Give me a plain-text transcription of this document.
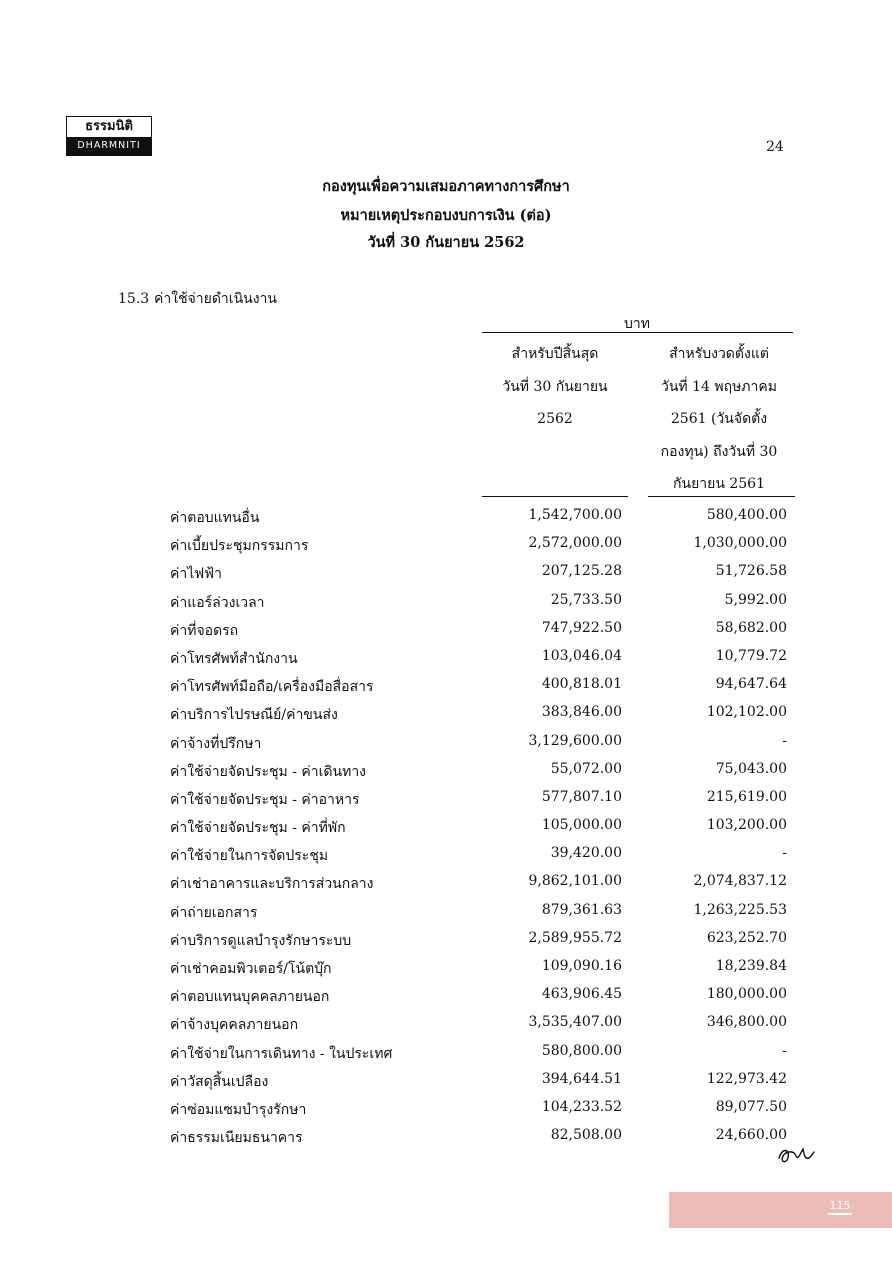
ธรรมนิติ
DHARMNITI	24
กองทุนเพื่อความเสมอภาคทางการศึกษา
หมายเหตุประกอบงบการเงิน (ต่อ)
วันที่ 30 กันยายน 2562
15.3 ค่าใช้จ่ายดำเนินงาน
บาท
สำหรับปีสิ้นสุด
วันที่ 30 กันยายน
2562
สำหรับงวดตั้งแต่
วันที่ 14 พฤษภาคม
2561 (วันจัดตั้ง
กองทุน) ถึงวันที่ 30
กันยายน 2561
ค่าตอบแทนอื่น	1,542,700.00	580,400.00
ค่าเบี้ยประชุมกรรมการ	2,572,000.00	1,030,000.00
ค่าไฟฟ้า	207,125.28	51,726.58
ค่าแอร์ล่วงเวลา	25,733.50	5,992.00
ค่าที่จอดรถ	747,922.50	58,682.00
ค่าโทรศัพท์สำนักงาน	103,046.04	10,779.72
ค่าโทรศัพท์มือถือ/เครื่องมือสื่อสาร	400,818.01	94,647.64
ค่าบริการไปรษณีย์/ค่าขนส่ง	383,846.00	102,102.00
ค่าจ้างที่ปรึกษา	3,129,600.00	-
ค่าใช้จ่ายจัดประชุม - ค่าเดินทาง	55,072.00	75,043.00
ค่าใช้จ่ายจัดประชุม - ค่าอาหาร	577,807.10	215,619.00
ค่าใช้จ่ายจัดประชุม - ค่าที่พัก	105,000.00	103,200.00
ค่าใช้จ่ายในการจัดประชุม	39,420.00	-
ค่าเช่าอาคารและบริการส่วนกลาง	9,862,101.00	2,074,837.12
ค่าถ่ายเอกสาร	879,361.63	1,263,225.53
ค่าบริการดูแลบำรุงรักษาระบบ	2,589,955.72	623,252.70
ค่าเช่าคอมพิวเตอร์/โน้ตบุ๊ก	109,090.16	18,239.84
ค่าตอบแทนบุคคลภายนอก	463,906.45	180,000.00
ค่าจ้างบุคคลภายนอก	3,535,407.00	346,800.00
ค่าใช้จ่ายในการเดินทาง - ในประเทศ	580,800.00	-
ค่าวัสดุสิ้นเปลือง	394,644.51	122,973.42
ค่าซ่อมแซมบำรุงรักษา	104,233.52	89,077.50
ค่าธรรมเนียมธนาคาร	82,508.00	24,660.00
115
